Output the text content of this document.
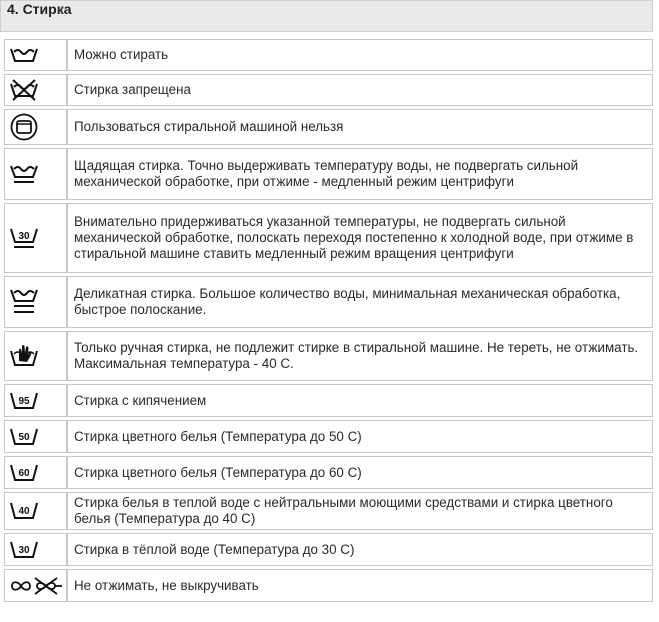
4. Стирка
	Можно стирать

	Стирка запрещена

	Пользоваться стиральной машиной нельзя

	Щадящая стирка. Точно выдерживать температуру воды, не подвергать сильной механической обработке, при отжиме - медленный режим центрифуги

30	Внимательно придерживаться указанной температуры, не подвергать сильной механической обработке, полоскать переходя постепенно к холодной воде, при отжиме в стиральной машине ставить медленный режим вращения центрифуги

	Деликатная стирка. Большое количество воды, минимальная механическая обработка, быстрое полоскание.

	Только ручная стирка, не подлежит стирке в стиральной машине. Не тереть, не отжимать. Максимальная температура - 40 С.

95	Стирка с кипячением

50	Стирка цветного белья (Температура до 50 С)

60	Стирка цветного белья (Температура до 60 С)

40	Стирка белья в теплой воде с нейтральными моющими средствами и стирка цветного белья (Температура до 40 С)

30	Стирка в тёплой воде (Температура до 30 С)

	Не отжимать, не выкручивать
